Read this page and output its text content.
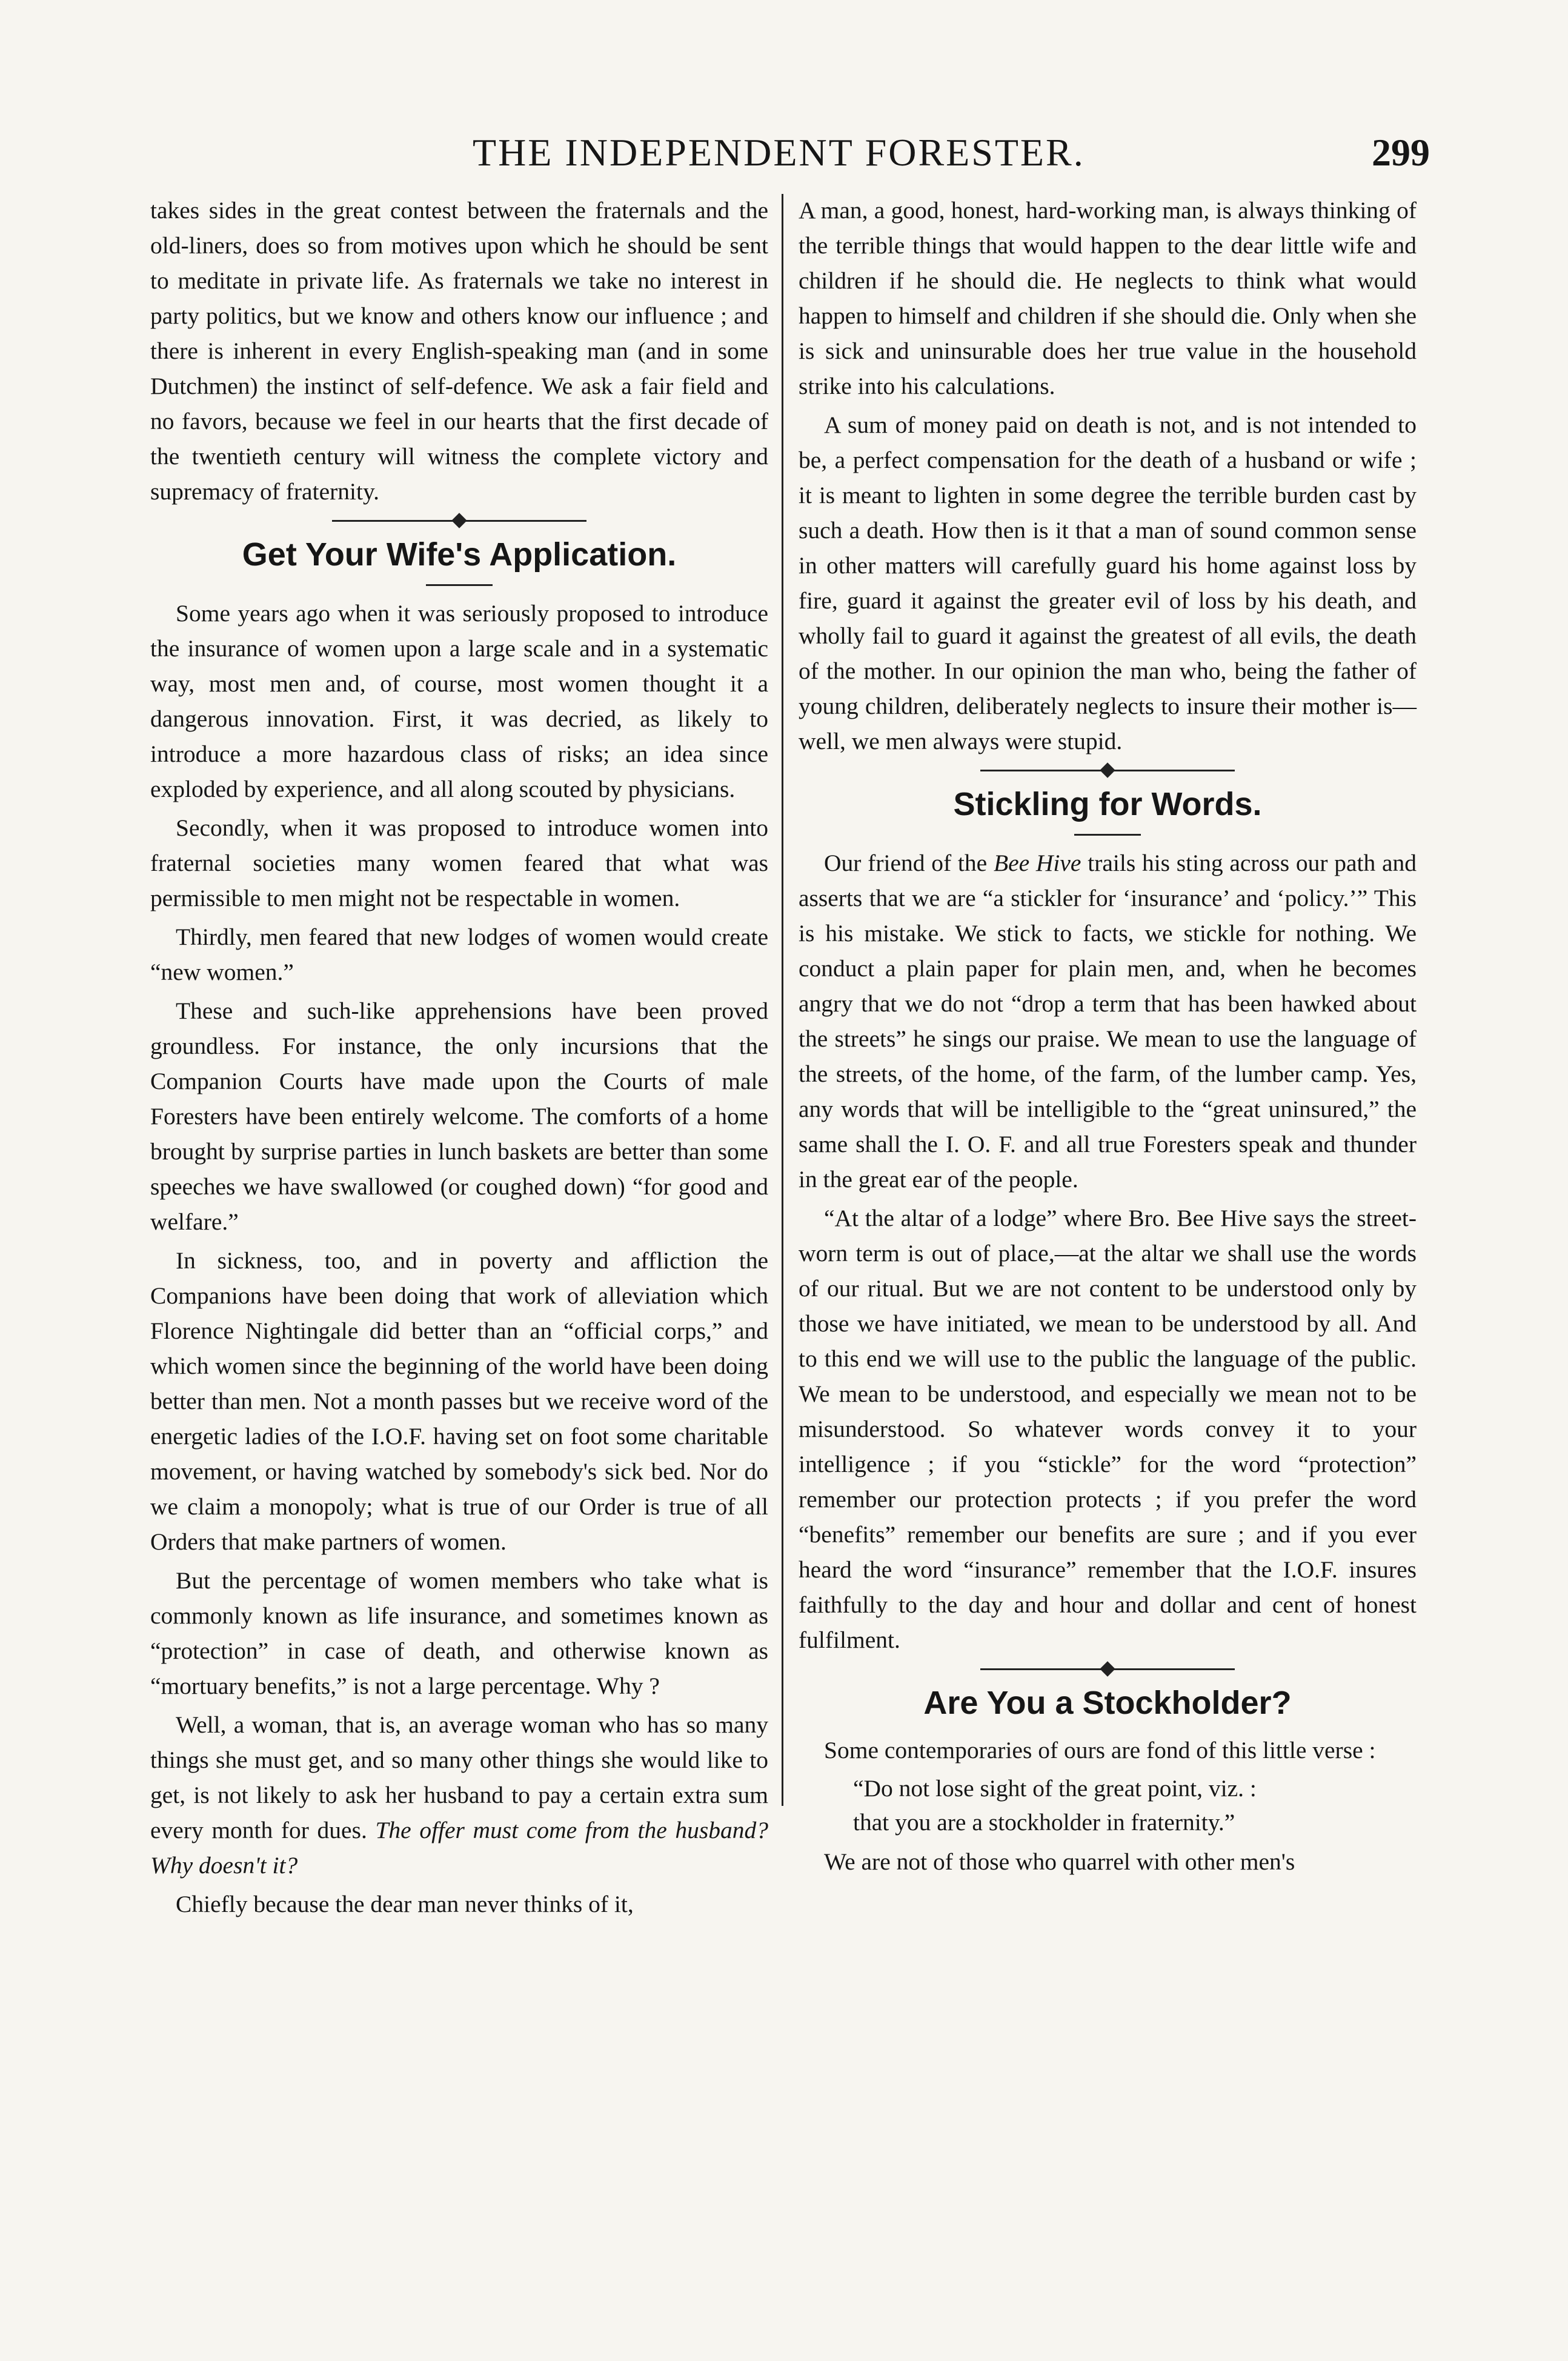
THE INDEPENDENT FORESTER.	299

takes sides in the great contest between the fraternals and the old-liners, does so from motives upon which he should be sent to meditate in private life. As fraternals we take no interest in party politics, but we know and others know our influence ; and there is inherent in every English-speaking man (and in some Dutchmen) the instinct of self-defence. We ask a fair field and no favors, because we feel in our hearts that the first decade of the twentieth century will witness the complete victory and supremacy of fraternity.

Get Your Wife's Application.

Some years ago when it was seriously proposed to introduce the insurance of women upon a large scale and in a systematic way, most men and, of course, most women thought it a dangerous innovation. First, it was decried, as likely to introduce a more hazardous class of risks; an idea since exploded by experience, and all along scouted by physicians.

Secondly, when it was proposed to introduce women into fraternal societies many women feared that what was permissible to men might not be respectable in women.

Thirdly, men feared that new lodges of women would create “new women.”

These and such-like apprehensions have been proved groundless. For instance, the only incursions that the Companion Courts have made upon the Courts of male Foresters have been entirely welcome. The comforts of a home brought by surprise parties in lunch baskets are better than some speeches we have swallowed (or coughed down) “for good and welfare.”

In sickness, too, and in poverty and affliction the Companions have been doing that work of alleviation which Florence Nightingale did better than an “official corps,” and which women since the beginning of the world have been doing better than men. Not a month passes but we receive word of the energetic ladies of the I.O.F. having set on foot some charitable movement, or having watched by somebody's sick bed. Nor do we claim a monopoly; what is true of our Order is true of all Orders that make partners of women.

But the percentage of women members who take what is commonly known as life insurance, and sometimes known as “protection” in case of death, and otherwise known as “mortuary benefits,” is not a large percentage. Why ?

Well, a woman, that is, an average woman who has so many things she must get, and so many other things she would like to get, is not likely to ask her husband to pay a certain extra sum every month for dues. The offer must come from the husband? Why doesn't it?

Chiefly because the dear man never thinks of it,

A man, a good, honest, hard-working man, is always thinking of the terrible things that would happen to the dear little wife and children if he should die. He neglects to think what would happen to himself and children if she should die. Only when she is sick and uninsurable does her true value in the household strike into his calculations.

A sum of money paid on death is not, and is not intended to be, a perfect compensation for the death of a husband or wife ; it is meant to lighten in some degree the terrible burden cast by such a death. How then is it that a man of sound common sense in other matters will carefully guard his home against loss by fire, guard it against the greater evil of loss by his death, and wholly fail to guard it against the greatest of all evils, the death of the mother. In our opinion the man who, being the father of young children, deliberately neglects to insure their mother is—well, we men always were stupid.

Stickling for Words.

Our friend of the Bee Hive trails his sting across our path and asserts that we are “a stickler for ‘insurance’ and ‘policy.’” This is his mistake. We stick to facts, we stickle for nothing. We conduct a plain paper for plain men, and, when he becomes angry that we do not “drop a term that has been hawked about the streets” he sings our praise. We mean to use the language of the streets, of the home, of the farm, of the lumber camp. Yes, any words that will be intelligible to the “great uninsured,” the same shall the I. O. F. and all true Foresters speak and thunder in the great ear of the people.

“At the altar of a lodge” where Bro. Bee Hive says the street-worn term is out of place,—at the altar we shall use the words of our ritual. But we are not content to be understood only by those we have initiated, we mean to be understood by all. And to this end we will use to the public the language of the public. We mean to be understood, and especially we mean not to be misunderstood. So whatever words convey it to your intelligence ; if you “stickle” for the word “protection” remember our protection protects ; if you prefer the word “benefits” remember our benefits are sure ; and if you ever heard the word “insurance” remember that the I.O.F. insures faithfully to the day and hour and dollar and cent of honest fulfilment.

Are You a Stockholder?

Some contemporaries of ours are fond of this little verse :

“Do not lose sight of the great point, viz. :
that you are a stockholder in fraternity.”

We are not of those who quarrel with other men's
